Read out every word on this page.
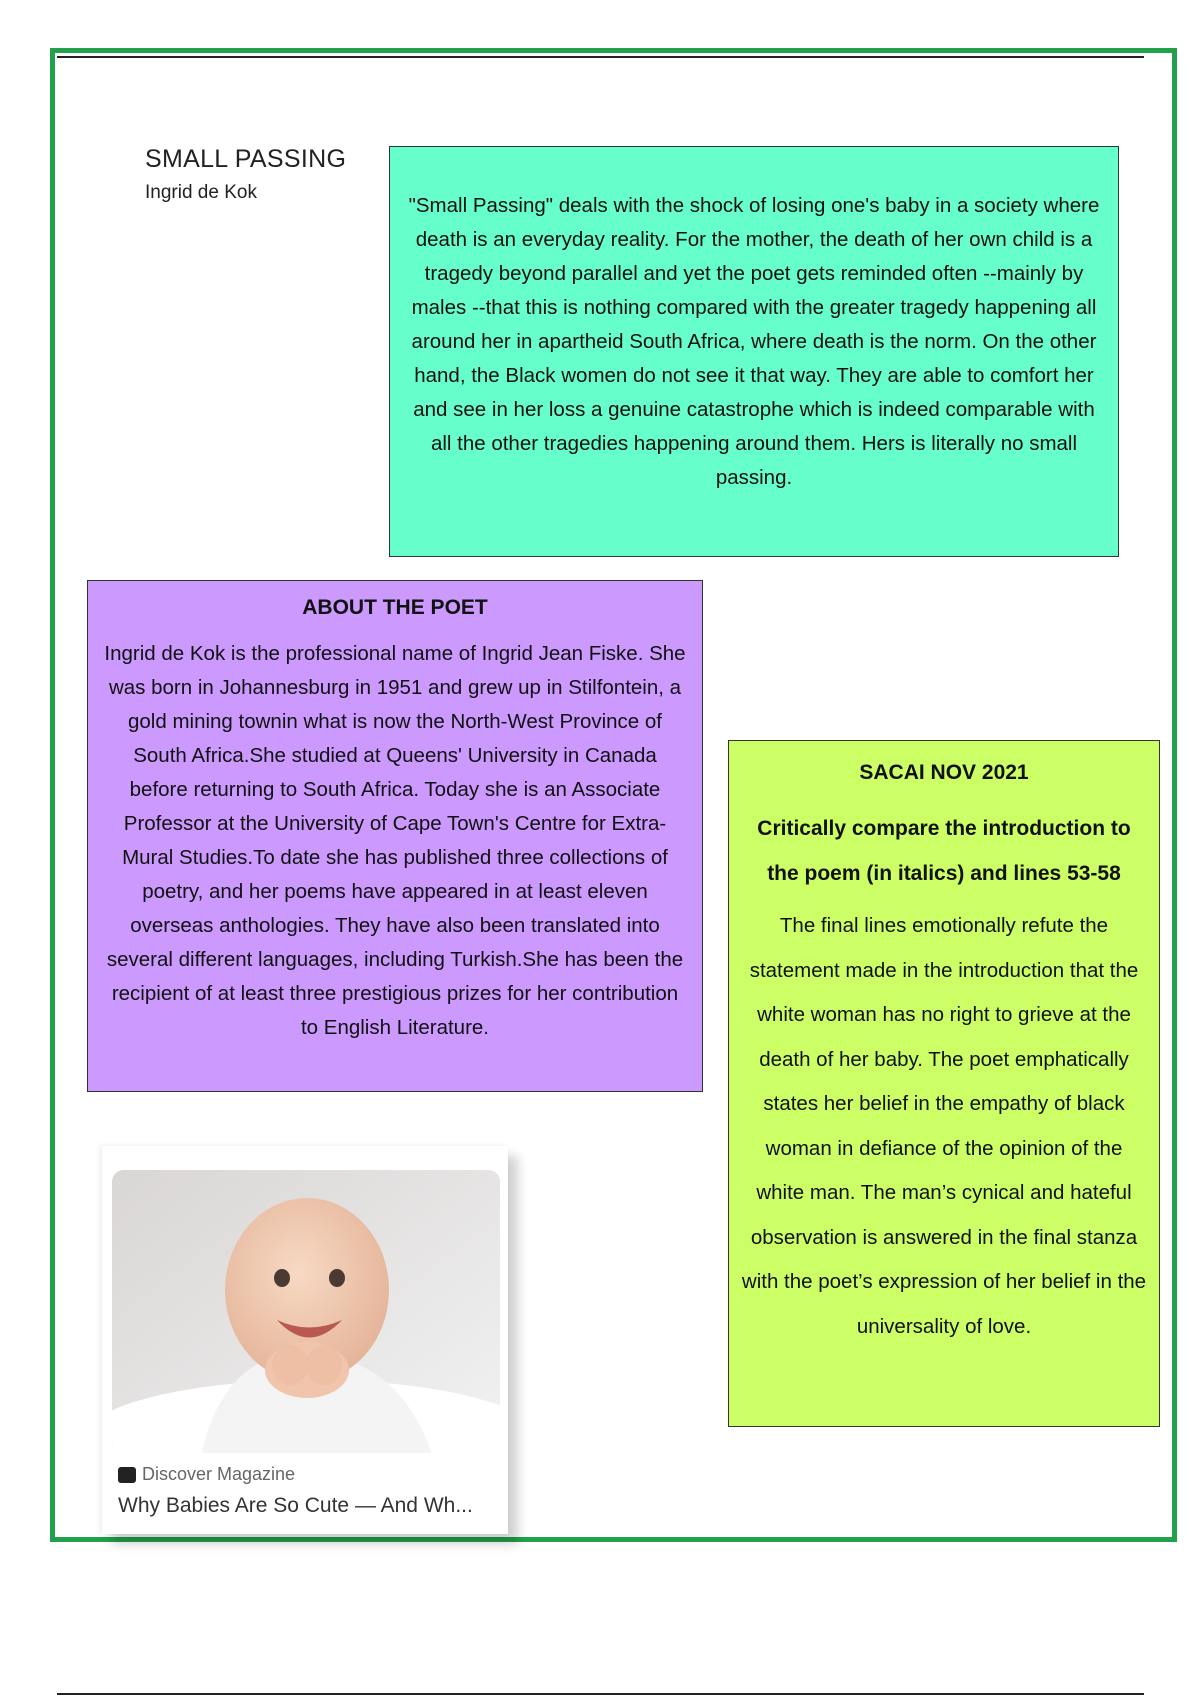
SMALL PASSING
Ingrid de Kok
"Small Passing" deals with the shock of losing one's baby in a society where death is an everyday reality. For the mother, the death of her own child is a tragedy beyond parallel and yet the poet gets reminded often --mainly by males --that this is nothing compared with the greater tragedy happening all around her in apartheid South Africa, where death is the norm. On the other hand, the Black women do not see it that way. They are able to comfort her and see in her loss a genuine catastrophe which is indeed comparable with all the other tragedies happening around them. Hers is literally no small passing.
ABOUT THE POET

Ingrid de Kok is the professional name of Ingrid Jean Fiske. She was born in Johannesburg in 1951 and grew up in Stilfontein, a gold mining townin what is now the North-West Province of South Africa.She studied at Queens' University in Canada before returning to South Africa. Today she is an Associate Professor at the University of Cape Town's Centre for Extra-Mural Studies.To date she has published three collections of poetry, and her poems have appeared in at least eleven overseas anthologies. They have also been translated into several different languages, including Turkish.She has been the recipient of at least three prestigious prizes for her contribution to English Literature.

SACAI NOV 2021
Critically compare the introduction to the poem (in italics) and lines 53-58

The final lines emotionally refute the statement made in the introduction that the white woman has no right to grieve at the death of her baby. The poet emphatically states her belief in the empathy of black woman in defiance of the opinion of the white man. The man’s cynical and hateful observation is answered in the final stanza with the poet’s expression of her belief in the universality of love.

Discover Magazine
Why Babies Are So Cute — And Wh...
